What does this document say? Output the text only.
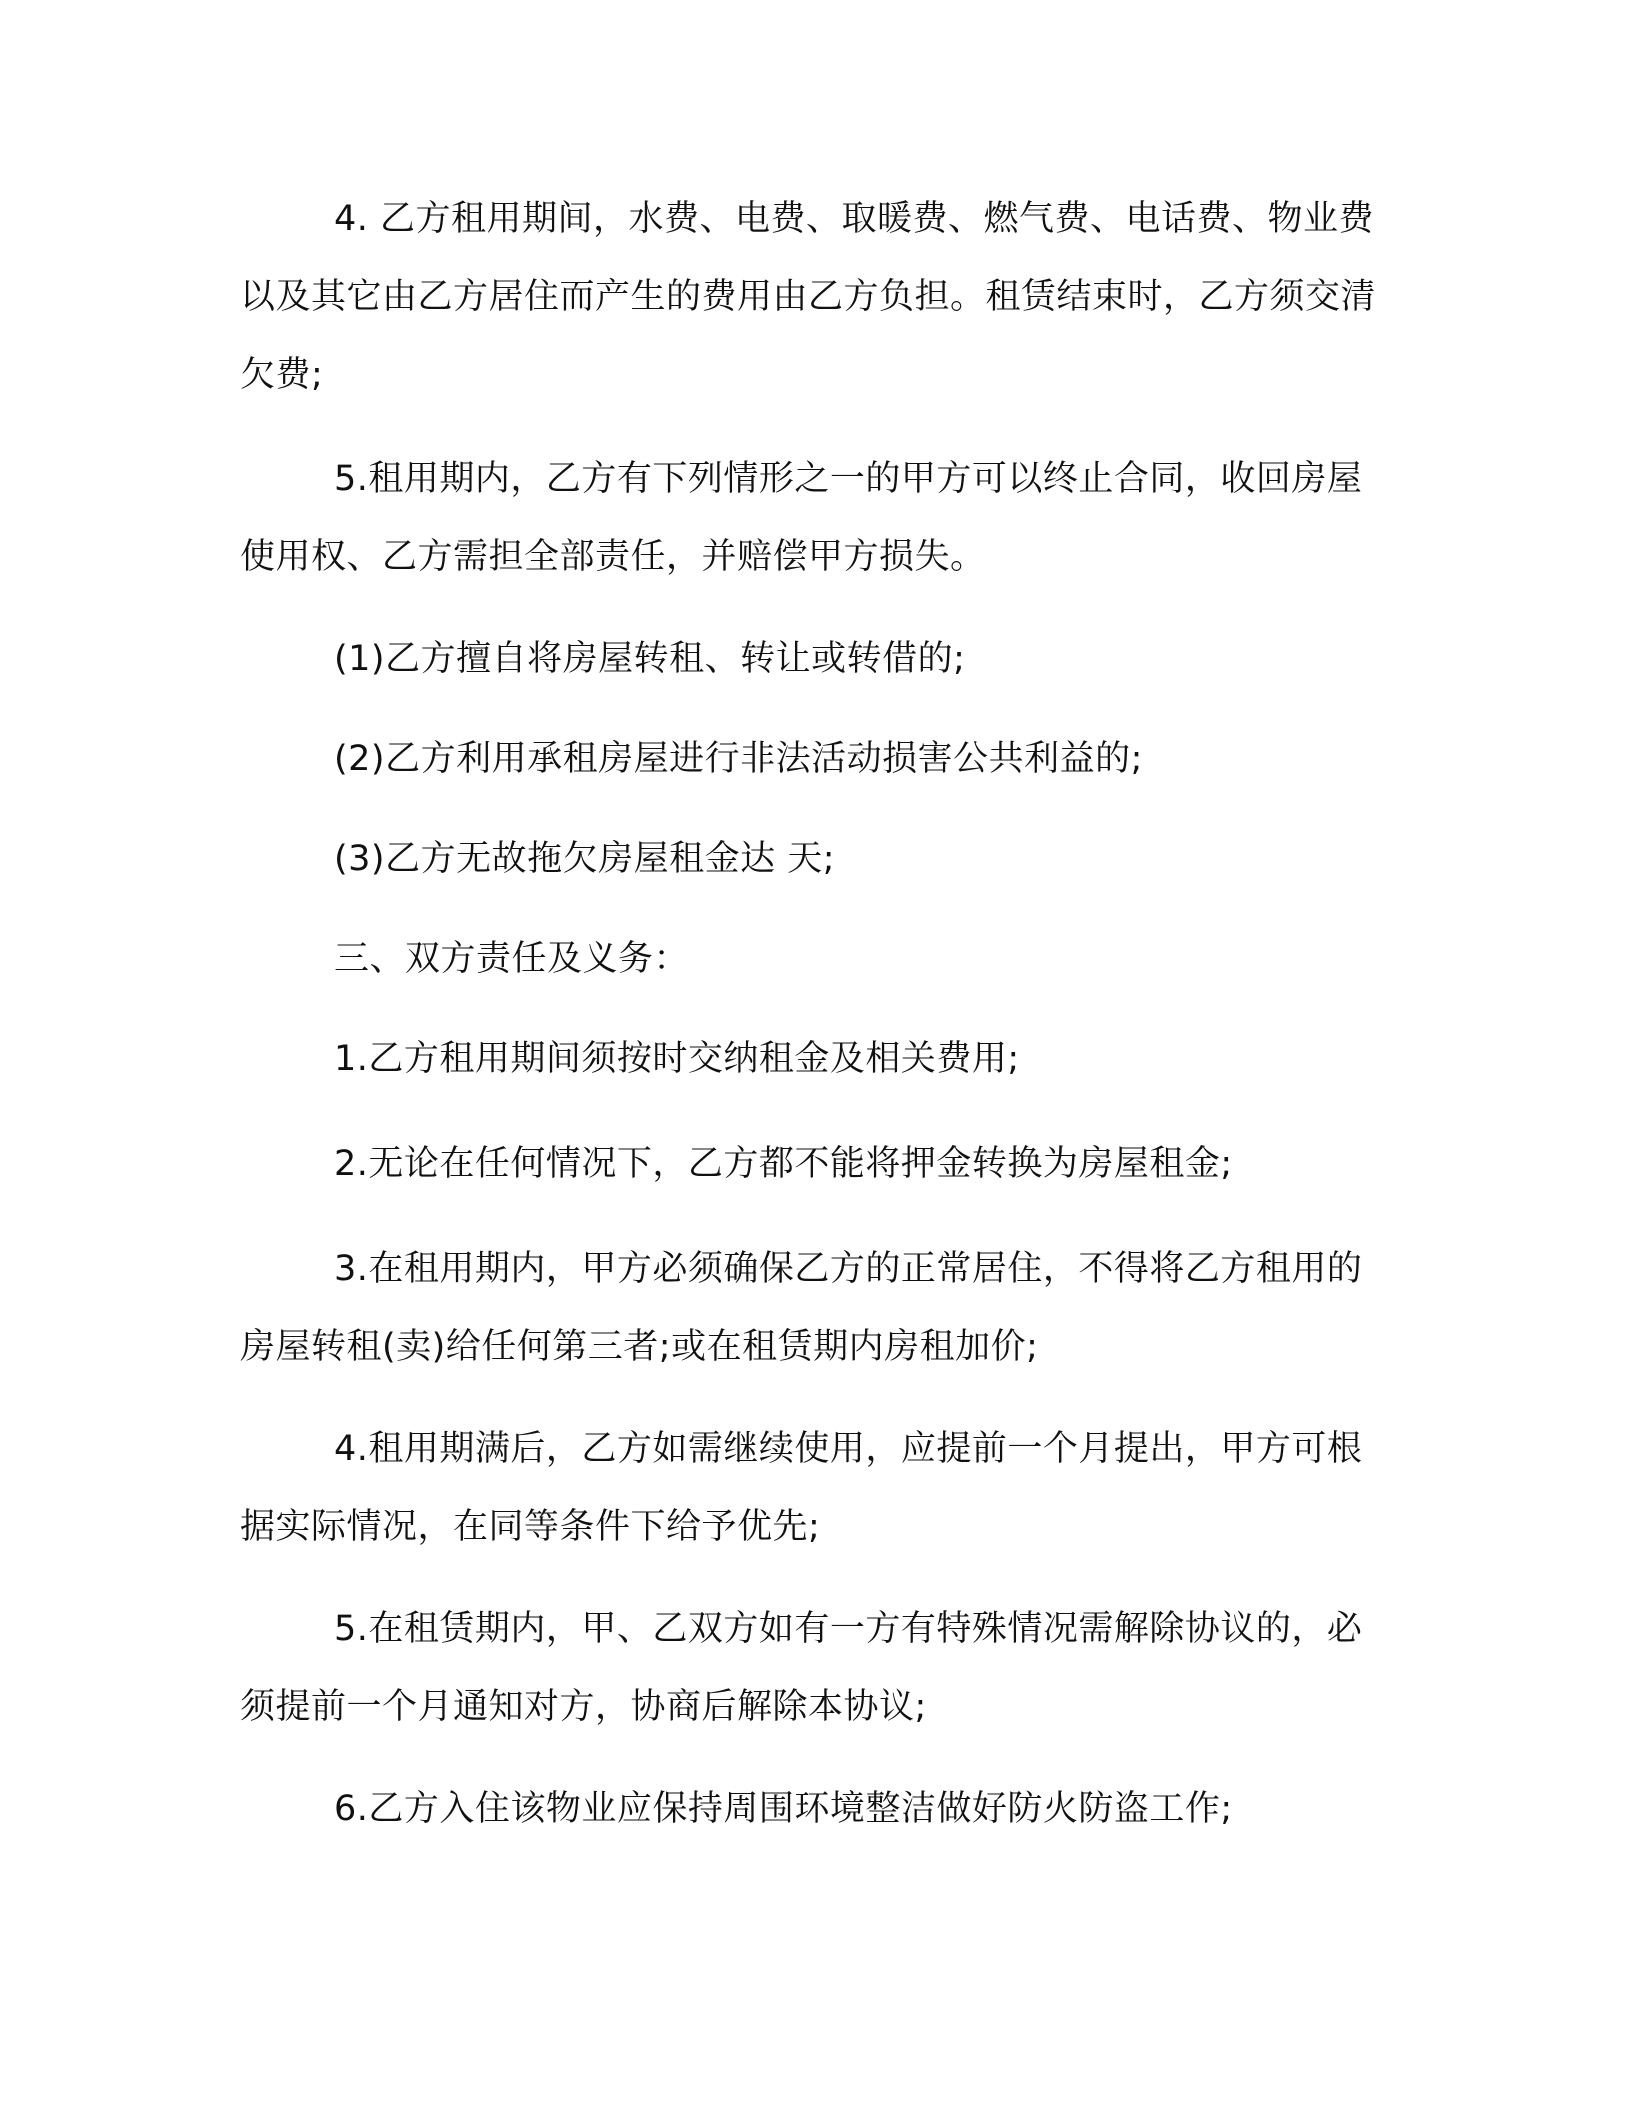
4. 乙方租用期间，水费、电费、取暖费、燃气费、电话费、物业费以及其它由乙方居住而产生的费用由乙方负担。租赁结束时，乙方须交清欠费;

5.租用期内，乙方有下列情形之一的甲方可以终止合同，收回房屋使用权、乙方需担全部责任，并赔偿甲方损失。

(1)乙方擅自将房屋转租、转让或转借的;

(2)乙方利用承租房屋进行非法活动损害公共利益的;

(3)乙方无故拖欠房屋租金达 天;

三、双方责任及义务：

1.乙方租用期间须按时交纳租金及相关费用;

2.无论在任何情况下，乙方都不能将押金转换为房屋租金;

3.在租用期内，甲方必须确保乙方的正常居住，不得将乙方租用的房屋转租(卖)给任何第三者;或在租赁期内房租加价;

4.租用期满后，乙方如需继续使用，应提前一个月提出，甲方可根据实际情况，在同等条件下给予优先;

5.在租赁期内，甲、乙双方如有一方有特殊情况需解除协议的，必须提前一个月通知对方，协商后解除本协议;

6.乙方入住该物业应保持周围环境整洁做好防火防盗工作;
